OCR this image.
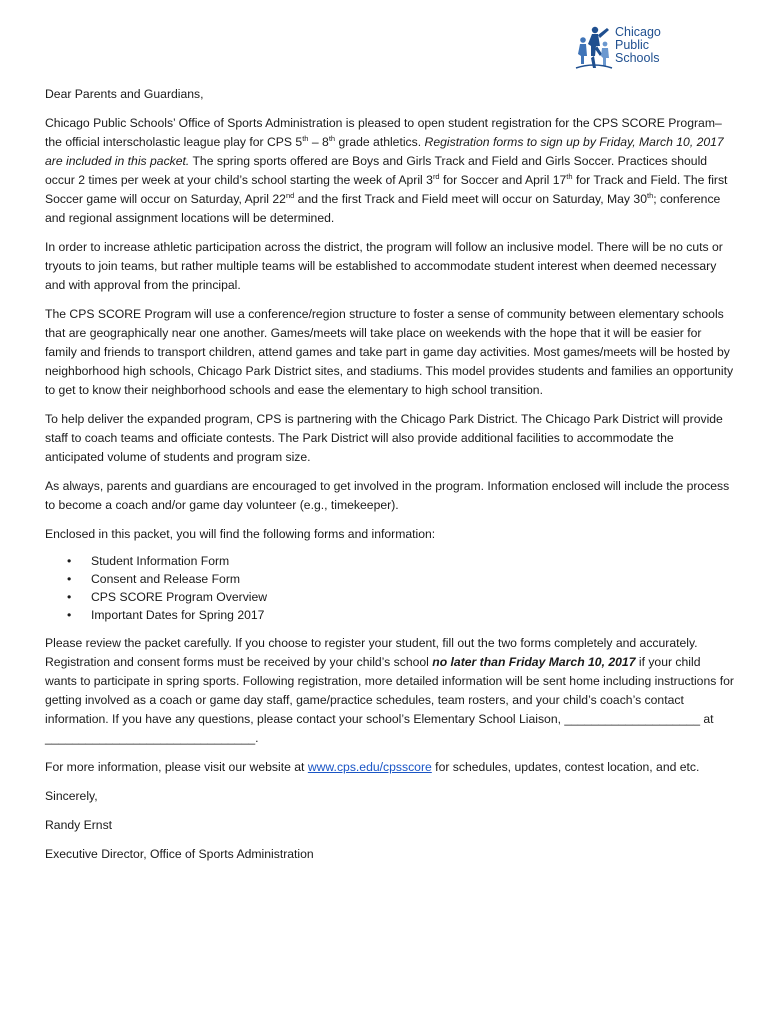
Chicago
Public
Schools

Dear Parents and Guardians,

Chicago Public Schools’ Office of Sports Administration is pleased to open student registration for the CPS SCORE Program– the official interscholastic league play for CPS 5th – 8th grade athletics. Registration forms to sign up by Friday, March 10, 2017 are included in this packet. The spring sports offered are Boys and Girls Track and Field and Girls Soccer. Practices should occur 2 times per week at your child’s school starting the week of April 3rd for Soccer and April 17th for Track and Field. The first Soccer game will occur on Saturday, April 22nd and the first Track and Field meet will occur on Saturday, May 30th; conference and regional assignment locations will be determined.

In order to increase athletic participation across the district, the program will follow an inclusive model. There will be no cuts or tryouts to join teams, but rather multiple teams will be established to accommodate student interest when deemed necessary and with approval from the principal.

The CPS SCORE Program will use a conference/region structure to foster a sense of community between elementary schools that are geographically near one another. Games/meets will take place on weekends with the hope that it will be easier for family and friends to transport children, attend games and take part in game day activities. Most games/meets will be hosted by neighborhood high schools, Chicago Park District sites, and stadiums. This model provides students and families an opportunity to get to know their neighborhood schools and ease the elementary to high school transition.

To help deliver the expanded program, CPS is partnering with the Chicago Park District. The Chicago Park District will provide staff to coach teams and officiate contests. The Park District will also provide additional facilities to accommodate the anticipated volume of students and program size.

As always, parents and guardians are encouraged to get involved in the program. Information enclosed will include the process to become a coach and/or game day volunteer (e.g., timekeeper).

Enclosed in this packet, you will find the following forms and information:

• Student Information Form
• Consent and Release Form
• CPS SCORE Program Overview
• Important Dates for Spring 2017

Please review the packet carefully. If you choose to register your student, fill out the two forms completely and accurately. Registration and consent forms must be received by your child’s school no later than Friday March 10, 2017 if your child wants to participate in spring sports. Following registration, more detailed information will be sent home including instructions for getting involved as a coach or game day staff, game/practice schedules, team rosters, and your child’s coach’s contact information. If you have any questions, please contact your school’s Elementary School Liaison, ____________________ at _______________________________.

For more information, please visit our website at www.cps.edu/cpsscore for schedules, updates, contest location, and etc.

Sincerely,

Randy Ernst

Executive Director, Office of Sports Administration
